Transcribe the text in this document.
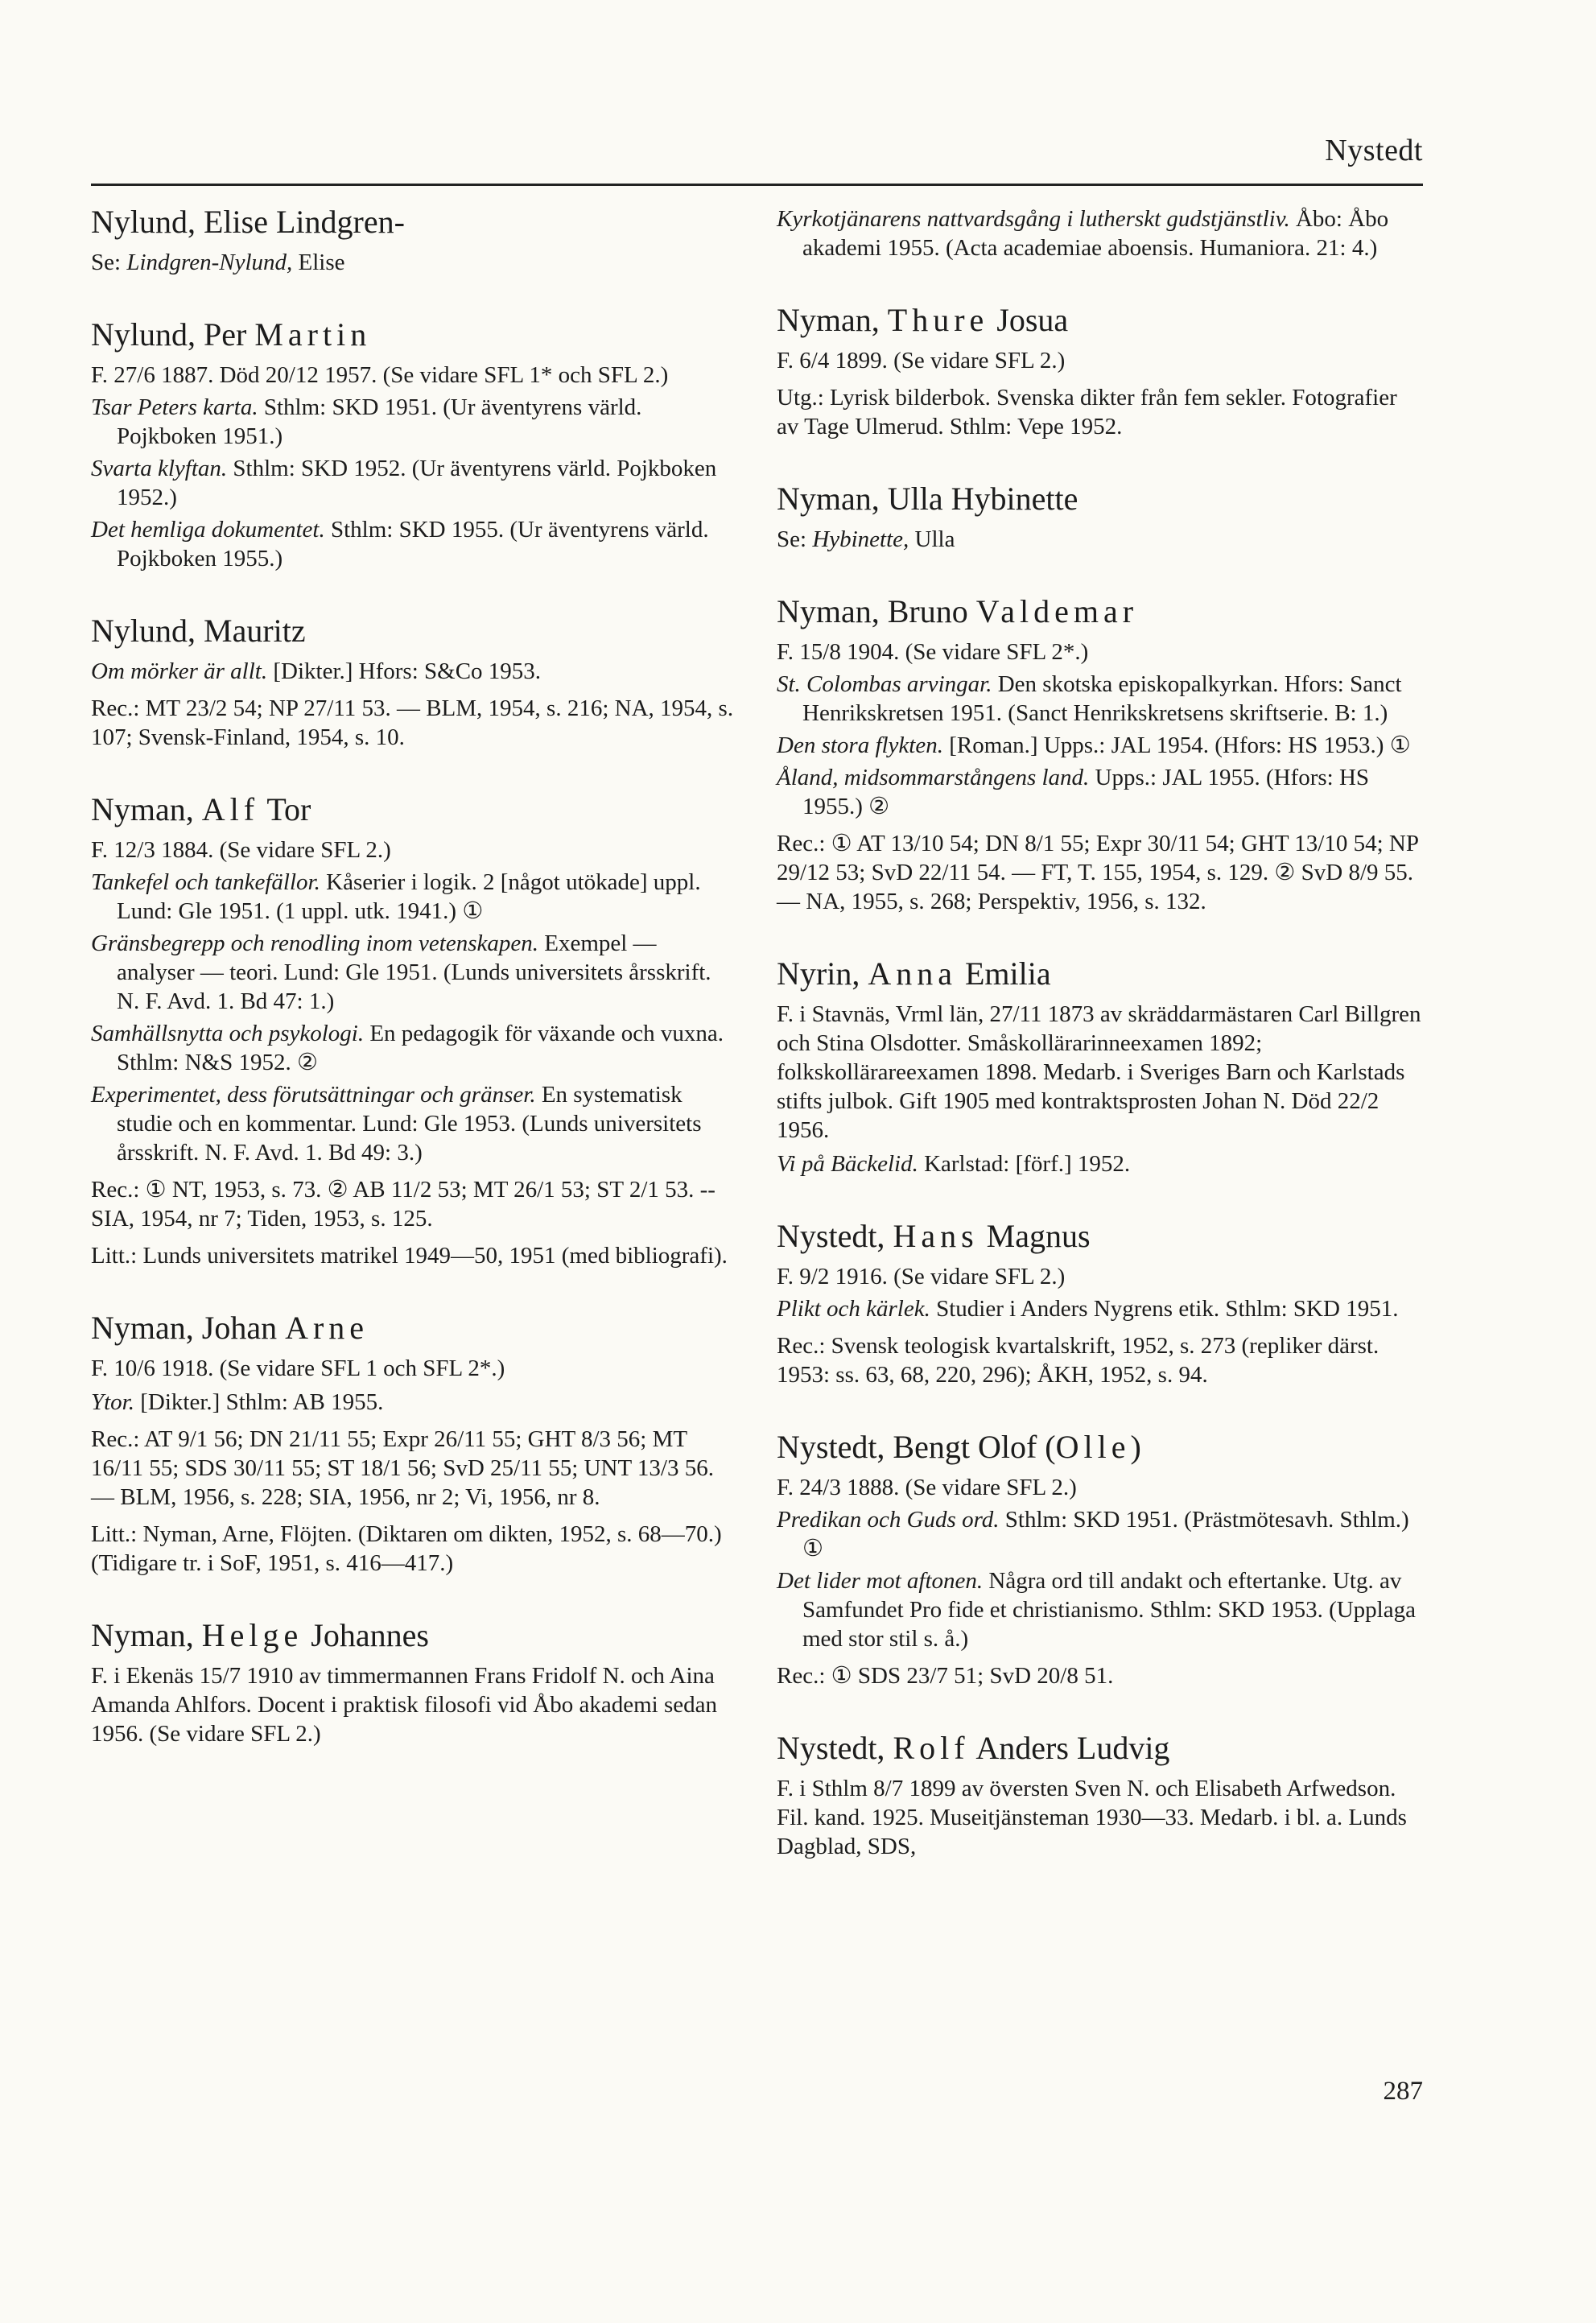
Nystedt
Nylund, Elise Lindgren-
Se: Lindgren-Nylund, Elise
Nylund, Per Martin
F. 27/6 1887. Död 20/12 1957. (Se vidare SFL 1* och SFL 2.)
Tsar Peters karta. Sthlm: SKD 1951. (Ur äventyrens värld. Pojkboken 1951.)
Svarta klyftan. Sthlm: SKD 1952. (Ur äventyrens värld. Pojkboken 1952.)
Det hemliga dokumentet. Sthlm: SKD 1955. (Ur äventyrens värld. Pojkboken 1955.)
Nylund, Mauritz
Om mörker är allt. [Dikter.] Hfors: S&Co 1953.
Rec.: MT 23/2 54; NP 27/11 53. — BLM, 1954, s. 216; NA, 1954, s. 107; Svensk-Finland, 1954, s. 10.
Nyman, Alf Tor
F. 12/3 1884. (Se vidare SFL 2.)
Tankefel och tankefällor. Kåserier i logik. 2 [något utökade] uppl. Lund: Gle 1951. (1 uppl. utk. 1941.) ①
Gränsbegrepp och renodling inom vetenskapen. Exempel — analyser — teori. Lund: Gle 1951. (Lunds universitets årsskrift. N. F. Avd. 1. Bd 47: 1.)
Samhällsnytta och psykologi. En pedagogik för växande och vuxna. Sthlm: N&S 1952. ②
Experimentet, dess förutsättningar och gränser. En systematisk studie och en kommentar. Lund: Gle 1953. (Lunds universitets årsskrift. N. F. Avd. 1. Bd 49: 3.)
Rec.: ① NT, 1953, s. 73. ② AB 11/2 53; MT 26/1 53; ST 2/1 53. -- SIA, 1954, nr 7; Tiden, 1953, s. 125.
Litt.: Lunds universitets matrikel 1949—50, 1951 (med bibliografi).
Nyman, Johan Arne
F. 10/6 1918. (Se vidare SFL 1 och SFL 2*.)
Ytor. [Dikter.] Sthlm: AB 1955.
Rec.: AT 9/1 56; DN 21/11 55; Expr 26/11 55; GHT 8/3 56; MT 16/11 55; SDS 30/11 55; ST 18/1 56; SvD 25/11 55; UNT 13/3 56. — BLM, 1956, s. 228; SIA, 1956, nr 2; Vi, 1956, nr 8.
Litt.: Nyman, Arne, Flöjten. (Diktaren om dikten, 1952, s. 68—70.) (Tidigare tr. i SoF, 1951, s. 416—417.)
Nyman, Helge Johannes
F. i Ekenäs 15/7 1910 av timmermannen Frans Fridolf N. och Aina Amanda Ahlfors. Docent i praktisk filosofi vid Åbo akademi sedan 1956. (Se vidare SFL 2.)
Kyrkotjänarens nattvardsgång i lutherskt gudstjänstliv. Åbo: Åbo akademi 1955. (Acta academiae aboensis. Humaniora. 21: 4.)
Nyman, Thure Josua
F. 6/4 1899. (Se vidare SFL 2.)
Utg.: Lyrisk bilderbok. Svenska dikter från fem sekler. Fotografier av Tage Ulmerud. Sthlm: Vepe 1952.
Nyman, Ulla Hybinette
Se: Hybinette, Ulla
Nyman, Bruno Valdemar
F. 15/8 1904. (Se vidare SFL 2*.)
St. Colombas arvingar. Den skotska episkopalkyrkan. Hfors: Sanct Henrikskretsen 1951. (Sanct Henrikskretsens skriftserie. B: 1.)
Den stora flykten. [Roman.] Upps.: JAL 1954. (Hfors: HS 1953.) ①
Åland, midsommarstångens land. Upps.: JAL 1955. (Hfors: HS 1955.) ②
Rec.: ① AT 13/10 54; DN 8/1 55; Expr 30/11 54; GHT 13/10 54; NP 29/12 53; SvD 22/11 54. — FT, T. 155, 1954, s. 129. ② SvD 8/9 55. — NA, 1955, s. 268; Perspektiv, 1956, s. 132.
Nyrin, Anna Emilia
F. i Stavnäs, Vrml län, 27/11 1873 av skräddarmästaren Carl Billgren och Stina Olsdotter. Småskollärarinneexamen 1892; folkskollärareexamen 1898. Medarb. i Sveriges Barn och Karlstads stifts julbok. Gift 1905 med kontraktsprosten Johan N. Död 22/2 1956.
Vi på Bäckelid. Karlstad: [förf.] 1952.
Nystedt, Hans Magnus
F. 9/2 1916. (Se vidare SFL 2.)
Plikt och kärlek. Studier i Anders Nygrens etik. Sthlm: SKD 1951.
Rec.: Svensk teologisk kvartalskrift, 1952, s. 273 (repliker därst. 1953: ss. 63, 68, 220, 296); ÅKH, 1952, s. 94.
Nystedt, Bengt Olof (Olle)
F. 24/3 1888. (Se vidare SFL 2.)
Predikan och Guds ord. Sthlm: SKD 1951. (Prästmötesavh. Sthlm.) ①
Det lider mot aftonen. Några ord till andakt och eftertanke. Utg. av Samfundet Pro fide et christianismo. Sthlm: SKD 1953. (Upplaga med stor stil s. å.)
Rec.: ① SDS 23/7 51; SvD 20/8 51.
Nystedt, Rolf Anders Ludvig
F. i Sthlm 8/7 1899 av översten Sven N. och Elisabeth Arfwedson. Fil. kand. 1925. Museitjänsteman 1930—33. Medarb. i bl. a. Lunds Dagblad, SDS,
287
